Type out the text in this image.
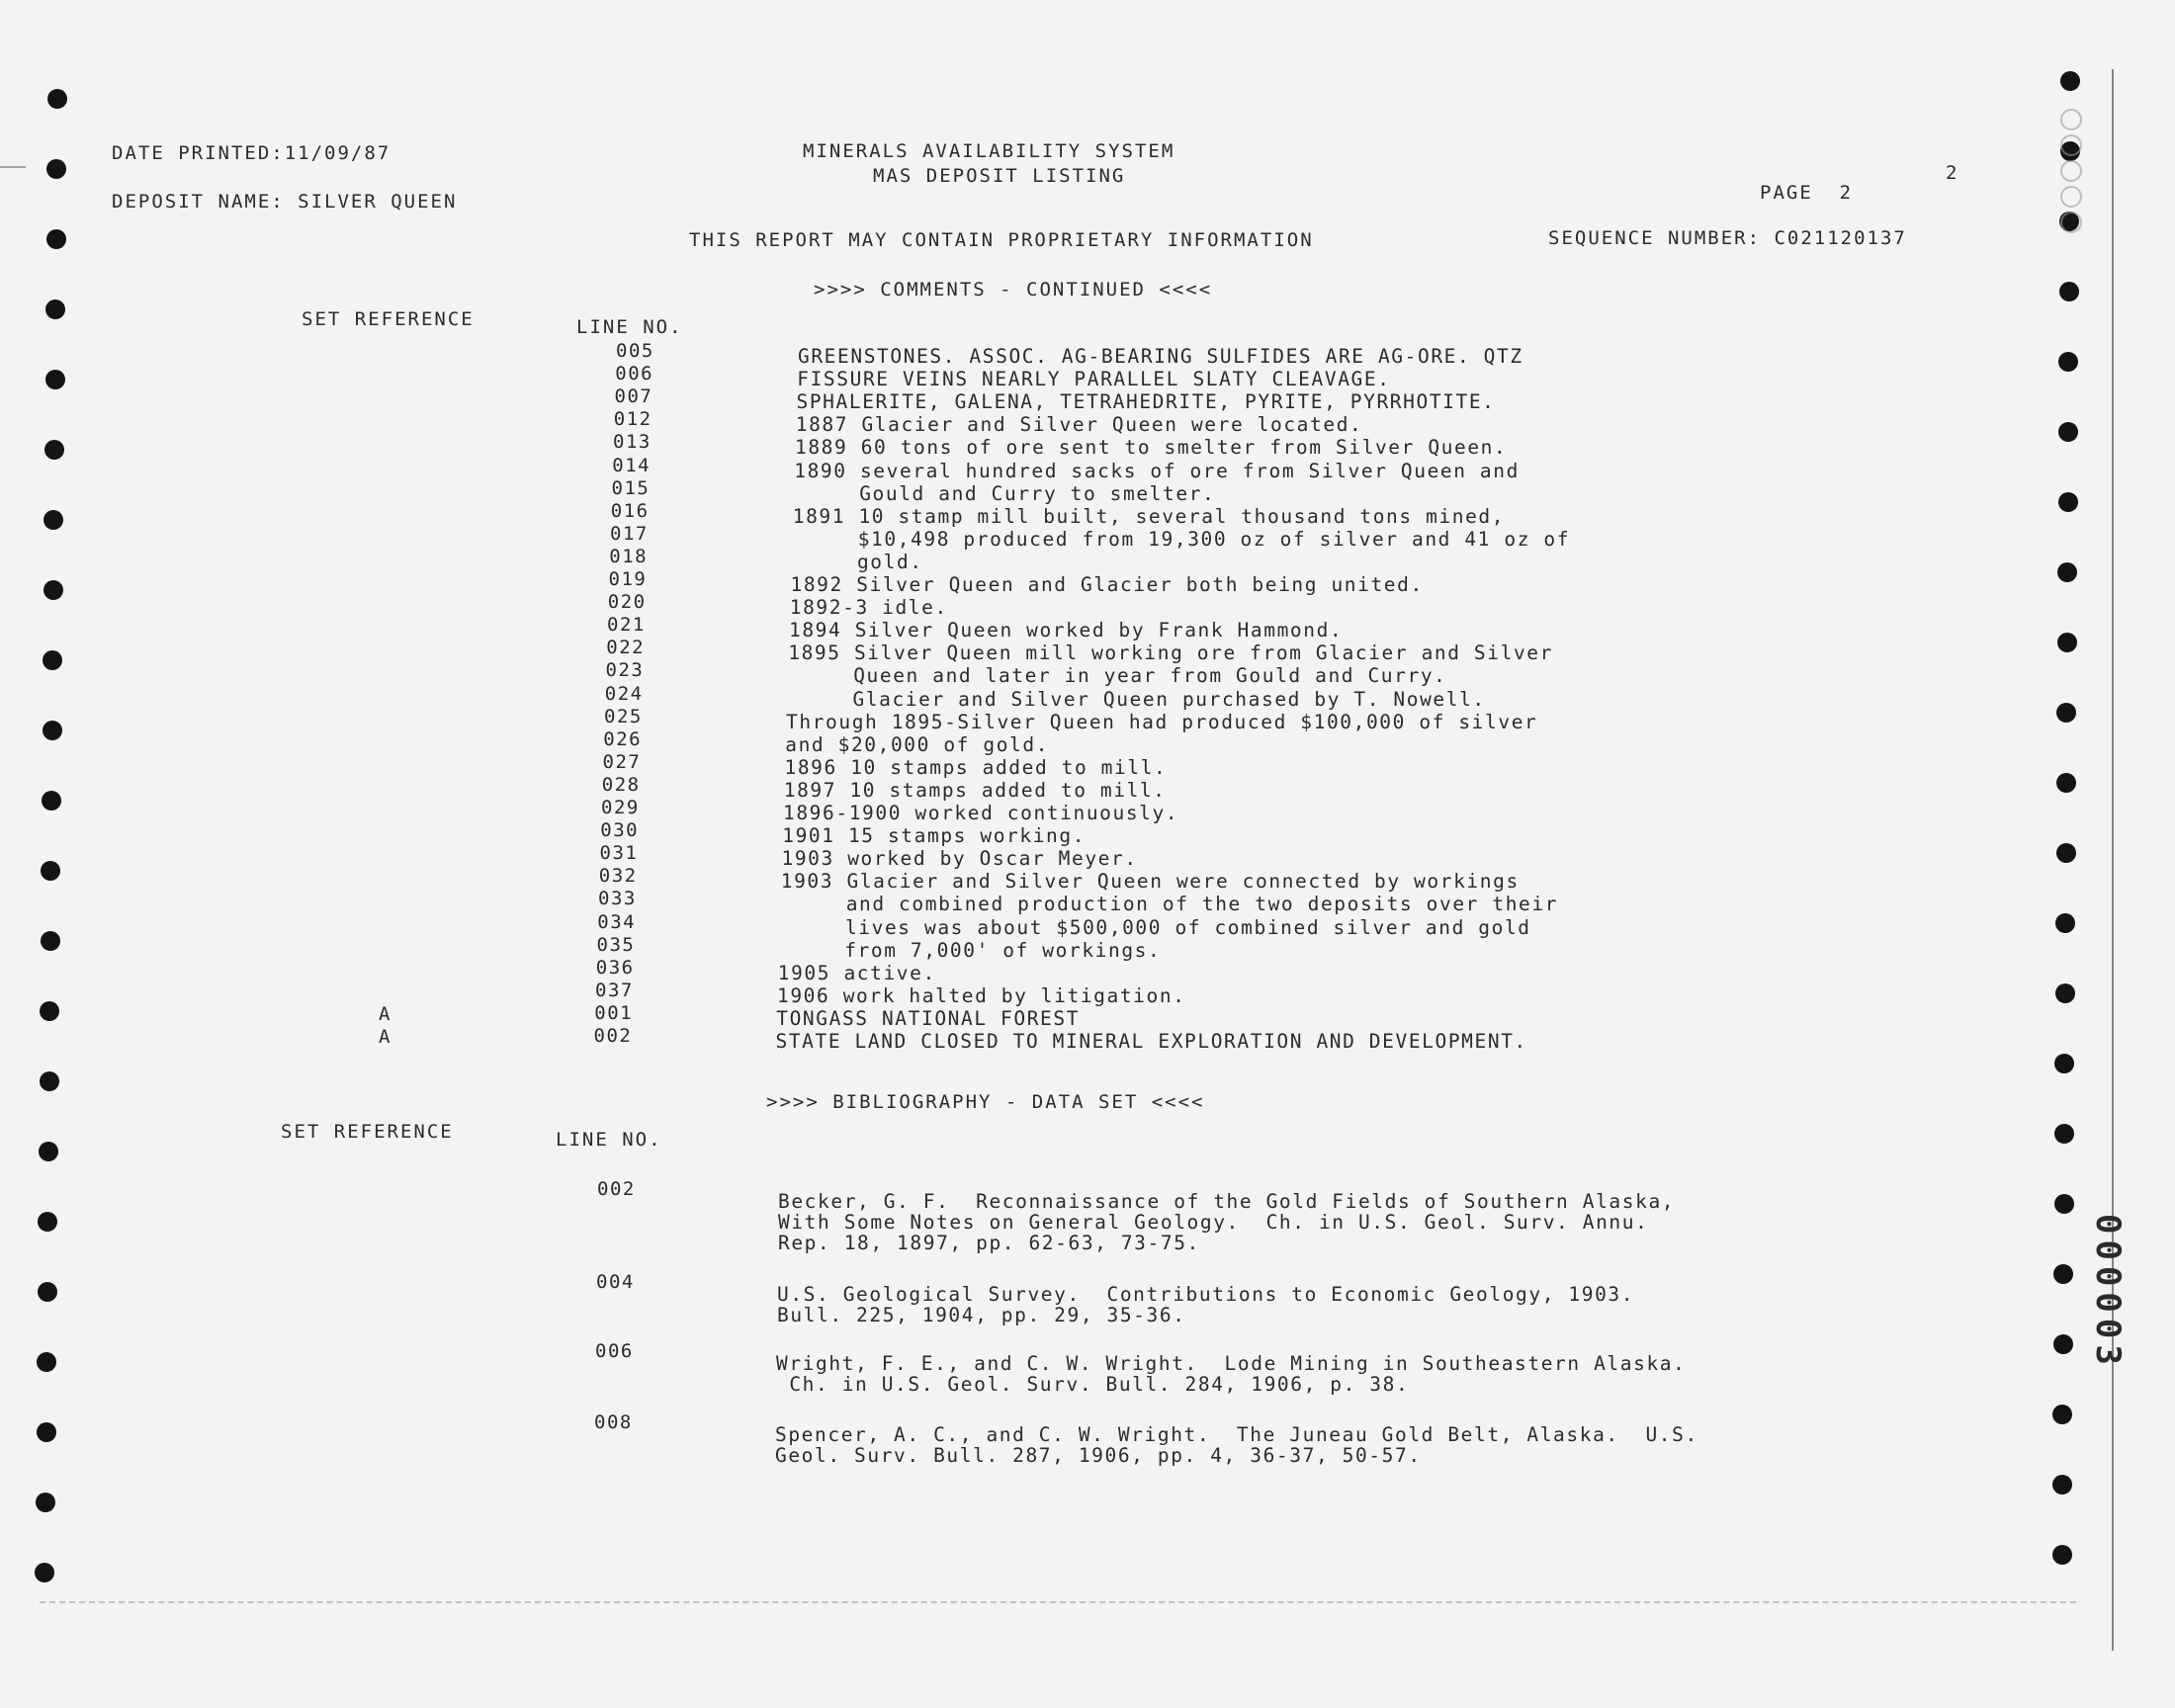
000003
DATE PRINTED:11/09/87
DEPOSIT NAME: SILVER QUEEN
MINERALS AVAILABILITY SYSTEM
MAS DEPOSIT LISTING
PAGE  2
2
THIS REPORT MAY CONTAIN PROPRIETARY INFORMATION	SEQUENCE NUMBER: C021120137
>>>> COMMENTS - CONTINUED <<<<
SET REFERENCE	LINE NO.
005	GREENSTONES. ASSOC. AG-BEARING SULFIDES ARE AG-ORE. QTZ
006	FISSURE VEINS NEARLY PARALLEL SLATY CLEAVAGE.
007	SPHALERITE, GALENA, TETRAHEDRITE, PYRITE, PYRRHOTITE.
012	1887 Glacier and Silver Queen were located.
013	1889 60 tons of ore sent to smelter from Silver Queen.
014	1890 several hundred sacks of ore from Silver Queen and
015	Gould and Curry to smelter.
016	1891 10 stamp mill built, several thousand tons mined,
017	$10,498 produced from 19,300 oz of silver and 41 oz of
018	gold.
019	1892 Silver Queen and Glacier both being united.
020	1892-3 idle.
021	1894 Silver Queen worked by Frank Hammond.
022	1895 Silver Queen mill working ore from Glacier and Silver
023	Queen and later in year from Gould and Curry.
024	Glacier and Silver Queen purchased by T. Nowell.
025	Through 1895-Silver Queen had produced $100,000 of silver
026	and $20,000 of gold.
027	1896 10 stamps added to mill.
028	1897 10 stamps added to mill.
029	1896-1900 worked continuously.
030	1901 15 stamps working.
031	1903 worked by Oscar Meyer.
032	1903 Glacier and Silver Queen were connected by workings
033	and combined production of the two deposits over their
034	lives was about $500,000 of combined silver and gold
035	from 7,000' of workings.
036	1905 active.
037	1906 work halted by litigation.
A	001	TONGASS NATIONAL FOREST
A	002	STATE LAND CLOSED TO MINERAL EXPLORATION AND DEVELOPMENT.
>>>> BIBLIOGRAPHY - DATA SET <<<<
SET REFERENCE	LINE NO.
002
Becker, G. F.  Reconnaissance of the Gold Fields of Southern Alaska,
With Some Notes on General Geology.  Ch. in U.S. Geol. Surv. Annu.
Rep. 18, 1897, pp. 62-63, 73-75.
004
U.S. Geological Survey.  Contributions to Economic Geology, 1903.
Bull. 225, 1904, pp. 29, 35-36.
006
Wright, F. E., and C. W. Wright.  Lode Mining in Southeastern Alaska.
Ch. in U.S. Geol. Surv. Bull. 284, 1906, p. 38.
008
Spencer, A. C., and C. W. Wright.  The Juneau Gold Belt, Alaska.  U.S.
Geol. Surv. Bull. 287, 1906, pp. 4, 36-37, 50-57.
